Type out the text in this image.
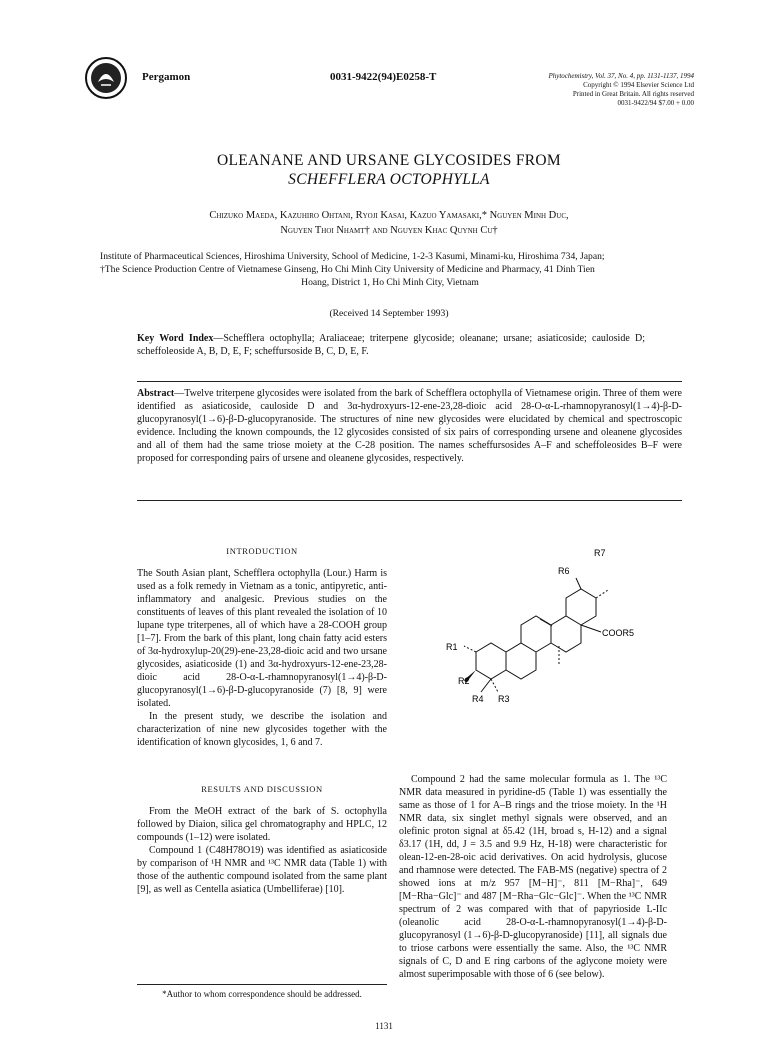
Pergamon	0031-9422(94)E0258-T	Phytochemistry, Vol. 37, No. 4, pp. 1131-1137, 1994
Copyright © 1994 Elsevier Science Ltd
Printed in Great Britain. All rights reserved
0031-9422/94 $7.00 + 0.00
OLEANANE AND URSANE GLYCOSIDES FROM
SCHEFFLERA OCTOPHYLLA
Chizuko Maeda, Kazuhiro Ohtani, Ryoji Kasai, Kazuo Yamasaki,* Nguyen Minh Duc,
Nguyen Thoi Nhamt† and Nguyen Khac Quynh Cu†
Institute of Pharmaceutical Sciences, Hiroshima University, School of Medicine, 1-2-3 Kasumi, Minami-ku, Hiroshima 734, Japan;
†The Science Production Centre of Vietnamese Ginseng, Ho Chi Minh City University of Medicine and Pharmacy, 41 Dinh Tien
Hoang, District 1, Ho Chi Minh City, Vietnam
(Received 14 September 1993)
Key Word Index—Schefflera octophylla; Araliaceae; triterpene glycoside; oleanane; ursane; asiaticoside; cauloside D; scheffoleoside A, B, D, E, F; scheffursoside B, C, D, E, F.
Abstract—Twelve triterpene glycosides were isolated from the bark of Schefflera octophylla of Vietnamese origin. Three of them were identified as asiaticoside, cauloside D and 3α-hydroxyurs-12-ene-23,28-dioic acid 28-O-α-L-rhamnopyranosyl(1→4)-β-D-glucopyranosyl(1→6)-β-D-glucopyranoside. The structures of nine new glycosides were elucidated by chemical and spectroscopic evidence. Including the known compounds, the 12 glycosides consisted of six pairs of corresponding ursene and oleanene glycosides and all of them had the same triose moiety at the C-28 position. The names scheffursosides A–F and scheffoleosides B–F were proposed for corresponding pairs of ursene and oleanene glycosides, respectively.
INTRODUCTION

The South Asian plant, Schefflera octophylla (Lour.) Harm is used as a folk remedy in Vietnam as a tonic, antipyretic, anti-inflammatory and analgesic. Previous studies on the constituents of leaves of this plant revealed the isolation of 10 lupane type triterpenes, all of which have a 28-COOH group [1–7]. From the bark of this plant, long chain fatty acid esters of 3α-hydroxylup-20(29)-ene-23,28-dioic acid and two ursane glycosides, asiaticoside (1) and 3α-hydroxyurs-12-ene-23,28-dioic acid 28-O-α-L-rhamnopyranosyl(1→4)-β-D-glucopyranosyl(1→6)-β-D-glucopyranoside (7) [8, 9] were isolated.

In the present study, we describe the isolation and characterization of nine new glycosides together with the identification of known glycosides, 1, 6 and 7.

RESULTS AND DISCUSSION

From the MeOH extract of the bark of S. octophylla followed by Diaion, silica gel chromatography and HPLC, 12 compounds (1–12) were isolated.

Compound 1 (C48H78O19) was identified as asiaticoside by comparison of ¹H NMR and ¹³C NMR data (Table 1) with those of the authentic compound isolated from the same plant [9], as well as Centella asiatica (Umbelliferae) [10].

R1
R2
R4 R3
COOR5
R6
R7

Compound 2 had the same molecular formula as 1. The ¹³C NMR data measured in pyridine-d5 (Table 1) was essentially the same as those of 1 for A–B rings and the triose moiety. In the ¹H NMR data, six singlet methyl signals were observed, and an olefinic proton signal at δ5.42 (1H, broad s, H-12) and a signal δ3.17 (1H, dd, J = 3.5 and 9.9 Hz, H-18) were characteristic for olean-12-en-28-oic acid derivatives. On acid hydrolysis, glucose and rhamnose were detected. The FAB-MS (negative) spectra of 2 showed ions at m/z 957 [M−H]⁻, 811 [M−Rha]⁻, 649 [M−Rha−Glc]⁻ and 487 [M−Rha−Glc−Glc]⁻. When the ¹³C NMR spectrum of 2 was compared with that of papyrioside L-IIc (oleanolic acid 28-O-α-L-rhamnopyranosyl(1→4)-β-D-glucopyranosyl (1→6)-β-D-glucopyranoside) [11], all signals due to triose carbons were essentially the same. Also, the ¹³C NMR signals of C, D and E ring carbons of the aglycone moiety were almost superimposable with those of 6 (see below).

*Author to whom correspondence should be addressed.
1131
